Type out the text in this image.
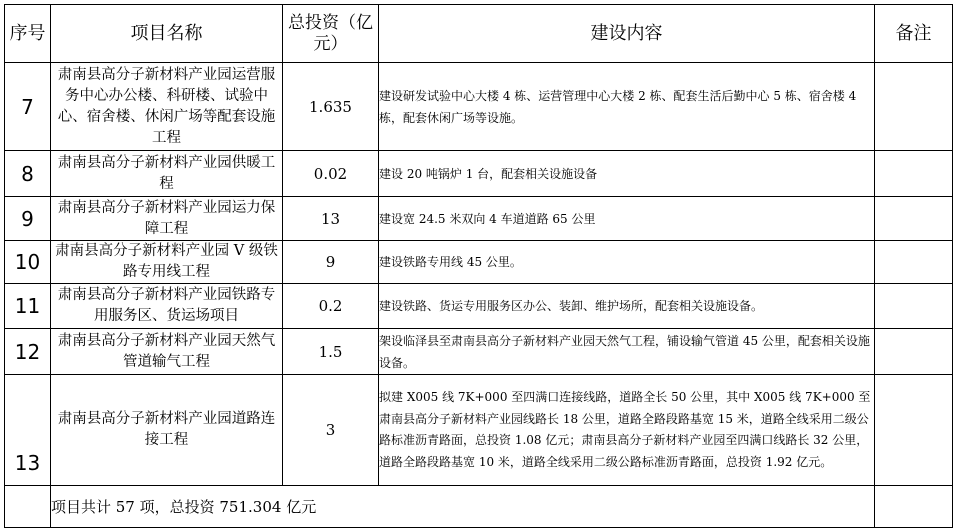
序号	项目名称	总投资（亿元）	建设内容	备注
7	肃南县高分子新材料产业园运营服务中心办公楼、科研楼、试验中心、宿舍楼、休闲广场等配套设施工程	1.635	建设研发试验中心大楼 4 栋、运营管理中心大楼 2 栋、配套生活后勤中心 5 栋、宿舍楼 4 栋，配套休闲广场等设施。	
8	肃南县高分子新材料产业园供暖工程	0.02	建设 20 吨锅炉 1 台，配套相关设施设备	
9	肃南县高分子新材料产业园运力保障工程	13	建设宽 24.5 米双向 4 车道道路 65 公里	
10	肃南县高分子新材料产业园 V 级铁路专用线工程	9	建设铁路专用线 45 公里。	
11	肃南县高分子新材料产业园铁路专用服务区、货运场项目	0.2	建设铁路、货运专用服务区办公、装卸、维护场所，配套相关设施设备。	
12	肃南县高分子新材料产业园天然气管道输气工程	1.5	架设临泽县至肃南县高分子新材料产业园天然气工程，铺设输气管道 45 公里，配套相关设施设备。	
13	肃南县高分子新材料产业园道路连接工程	3	拟建 X005 线 7K+000 至四满口连接线路，道路全长 50 公里，其中 X005 线 7K+000 至肃南县高分子新材料产业园线路长 18 公里，道路全路段路基宽 15 米，道路全线采用二级公路标准沥青路面，总投资 1.08 亿元；肃南县高分子新材料产业园至四满口线路长 32 公里，道路全路段路基宽 10 米，道路全线采用二级公路标准沥青路面，总投资 1.92 亿元。	
	项目共计 57 项，总投资 751.304 亿元			
